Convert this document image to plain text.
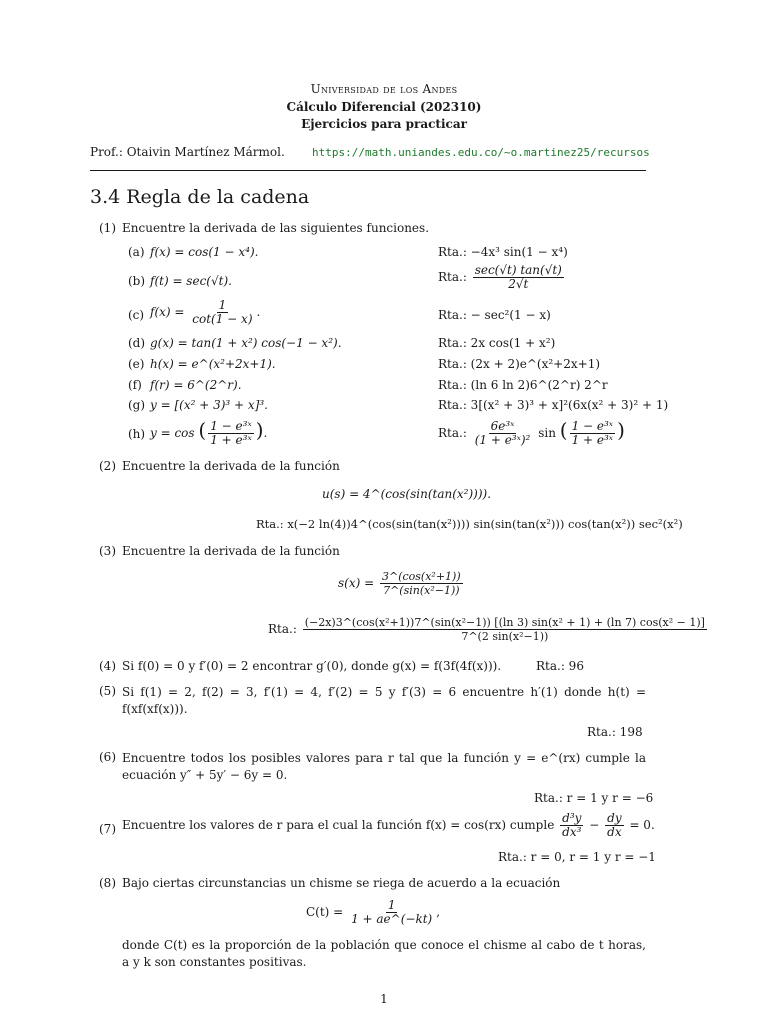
Universidad de los Andes
Cálculo Diferencial (202310)
Ejercicios para practicar
Prof.: Otaivin Martínez Mármol. https://math.uniandes.edu.co/~o.martinez25/recursos
3.4 Regla de la cadena
(1) Encuentre la derivada de las siguientes funciones.
(a) f(x) = cos(1 − x⁴).	Rta.: −4x³ sin(1 − x⁴)
(b) f(t) = sec(√t).	Rta.: $\frac{\sec(√t) \tan(√t)}{2√t}$
(c) $f(x) = \frac{1}{\cot(1 - x)}$ .	Rta.: − sec²(1 − x)
(d) g(x) = tan(1 + x²) cos(−1 − x²).	Rta.: 2x cos(1 + x²)
(e) h(x) = e^(x²+2x+1).	Rta.: (2x + 2)e^(x²+2x+1)
(f) f(r) = 6^(2^r).	Rta.: (ln 6 ln 2)6^(2^r) 2^r
(g) y = [(x² + 3)³ + x]³.	Rta.: 3[(x² + 3)³ + x]²(6x(x² + 3)² + 1)
(h) y = cos ( $\frac{\text{1 − e³ˣ}}{\text{1 + e³ˣ}}$ ).	Rta.: $\frac{\text{6e³ˣ}}{\text{(1 + e³ˣ)²}}$ sin ( $\frac{\text{1 − e³ˣ}}{\text{1 + e³ˣ}}$ )
(2) Encuentre la derivada de la función
u(s) = 4^(cos(sin(tan(x²)))).
Rta.: x(−2 ln(4))4^(cos(sin(tan(x²)))) sin(sin(tan(x²))) cos(tan(x²)) sec²(x²)
(3) Encuentre la derivada de la función
$s(x) = \frac{\text{3\textasciicircum{}(cos(x²+1))}}{\text{7\textasciicircum{}(sin(x²−1))}}$
Rta.: (−2x)3^(cos(x²+1))7^(sin(x²−1)) [(ln 3) sin(x² + 1) + (ln 7) cos(x² − 1)]
7^(2 sin(x²−1))
(4) Si f(0) = 0 y f′(0) = 2 encontrar g′(0), donde g(x) = f(3f(4f(x))).	Rta.: 96
(5) Si f(1) = 2, f(2) = 3, f′(1) = 4, f′(2) = 5 y f′(3) = 6 encuentre h′(1) donde h(t) = f(xf(xf(x))).
Rta.: 198
(6) Encuentre todos los posibles valores para r tal que la función y = e^(rx) cumple la ecuación y″ + 5y′ − 6y = 0.
Rta.: r = 1 y r = −6
(7) Encuentre los valores de r para el cual la función f(x) = cos(rx) cumple $\frac{\text{d³y}}{\text{dx³}} - \frac{dy}{dx} = 0$.
Rta.: r = 0, r = 1 y r = −1
(8) Bajo ciertas circunstancias un chisme se riega de acuerdo a la ecuación
$C(t) = \frac{1}{1 + ae\^{}(-kt)}$ ,
donde C(t) es la proporción de la población que conoce el chisme al cabo de t horas, a y k son constantes positivas.
1
